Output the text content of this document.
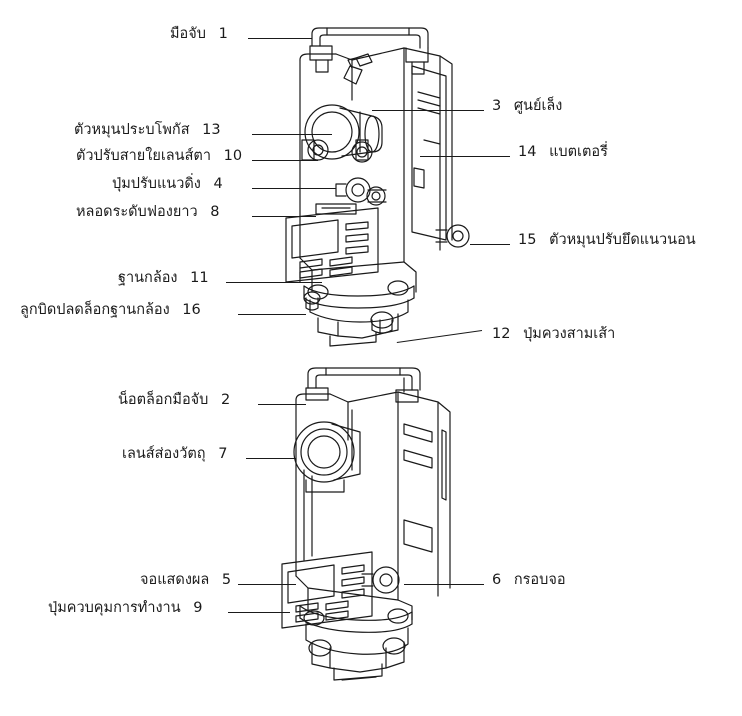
มือจับ 1
3 ศูนย์เล็ง
ตัวหมุนประบโพกัส 13
ตัวปรับสายใยเลนส์ตา 10
ปุ่มปรับแนวดิ่ง 4
หลอดระดับฟองยาว 8
14 แบตเตอรี่
15 ตัวหมุนปรับยึดแนวนอน
ฐานกล้อง 11
ลูกบิดปลดล็อกฐานกล้อง 16
12 ปุ่มควงสามเส้า
น็อตล็อกมือจับ 2
เลนส์ส่องวัตถุ 7
จอแสดงผล 5
ปุ่มควบคุมการทำงาน 9
6 กรอบจอ
